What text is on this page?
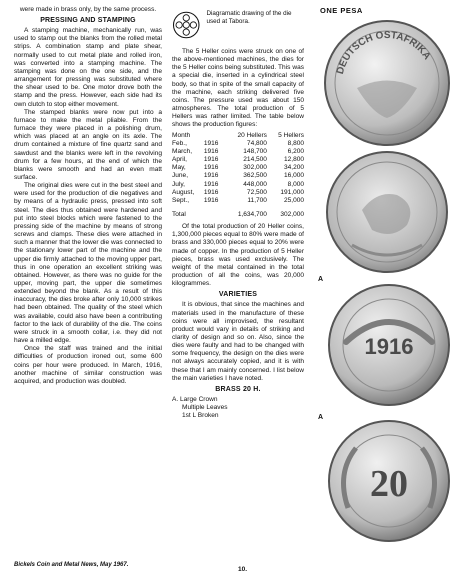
were made in brass only, by the same process.

PRESSING AND STAMPING

A stamping machine, mechanically run, was used to stamp out the blanks from the rolled metal strips. A combination stamp and plate shear, normally used to cut metal plate and rolled iron, was converted into a stamping machine. The stamping was done on the one side, and the arrangement for pressing was substituted where the shear used to be. One motor drove both the stamp and the press. However, each side had its own clutch to stop either movement.

The stamped blanks were now put into a furnace to make the metal pliable. From the furnace they were placed in a polishing drum, which was placed at an angle on its axle. The drum contained a mixture of fine quartz sand and sawdust and the blanks were left in the revolving drum for a few hours, at the end of which the blanks were smooth and had an even matt surface.

The original dies were cut in the best steel and were used for the production of die negatives and by means of a hydraulic press, pressed into soft steel. The dies thus obtained were hardened and put into steel blocks which were fastened to the pressing side of the machine by means of strong screws and clamps. These dies were attached in such a manner that the lower die was connected to the stationary lower part of the machine and the upper die firmly attached to the moving upper part, thus in one operation an excellent striking was obtained. However, as there was no guide for the upper, moving part, the upper die sometimes extended beyond the blank. As a result of this inaccuracy, the dies broke after only 10,000 strikes had been obtained. The quality of the steel which was available, could also have been a contributing factor to the lack of durability of the die. The coins were struck in a smooth collar, i.e. they did not have a milled edge.

Once the staff was trained and the initial difficulties of production ironed out, some 600 coins per hour were produced. In March, 1916, another machine of similar construction was acquired, and production was doubled.

Bickels Coin and Metal News, May 1967.
Diagramatic drawing of the die used at Tabora.

The 5 Heller coins were struck on one of the above-mentioned machines, the dies for the 5 Heller coins being substituted. This was a special die, inserted in a cylindrical steel body, so that in spite of the small capacity of the machine, each striking delivered five coins. The pressure used was about 150 atmospheres. The total production of 5 Hellers was rather limited. The table below shows the production figures:

Month		20 Hellers	5 Hellers
Feb.,	1916	74,800	8,800
March,	1916	148,700	6,200
April,	1916	214,500	12,800
May,	1916	302,000	34,200
June,	1916	362,500	16,000
July,	1916	448,000	8,000
August,	1916	72,500	191,000
Sept.,	1916	11,700	25,000
Total		1,634,700	302,000

Of the total production of 20 Heller coins, 1,300,000 pieces equal to 80% were made of brass and 330,000 pieces equal to 20% were made of copper. In the production of 5 Heller pieces, brass was used exclusively. The weight of the metal contained in the total production of all the coins, was 20,000 kilogrammes.

VARIETIES

It is obvious, that since the machines and materials used in the manufacture of these coins were all improvised, the resultant product would vary in details of striking and clarity of design and so on. Also, since the dies were faulty and had to be changed with some frequency, the design on the dies were not always accurately copied, and it is with these that I am mainly concerned. I list below the main varieties I have noted.

BRASS 20 H.
A. Large Crown
Multiple Leaves
1st L Broken
10.
ONE PESA
DEUTSCH OSTAFRIKA
A
1916
A
20
